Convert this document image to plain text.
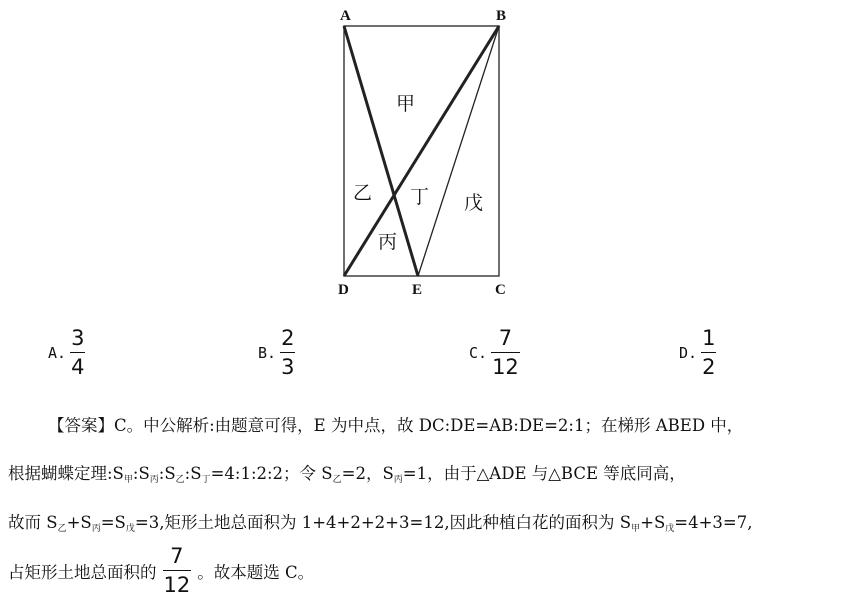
A	B
D	E	C
甲
乙 丁 戊
丙
A. $\frac{3}{4}$	B. $\frac{2}{3}$	C. $\frac{7}{12}$	D. $\frac{1}{2}$
【答案】C。中公解析:由题意可得，E 为中点，故 DC:DE=AB:DE=2:1；在梯形 ABED 中，
根据蝴蝶定理$:S_甲:S_丙:S_乙:S_丁=4:1:2:2$；令 $S_乙=2$，$S_丙=1$，由于△ADE 与△BCE 等底同高，
故而 $S_乙+S_丙=S_戊=3$,矩形土地总面积为 1+4+2+2+3=12,因此种植白花的面积为 $S_甲+S_戊=4+3=7$,
占矩形土地总面积的 $\frac{7}{12}$ 。故本题选 C。
